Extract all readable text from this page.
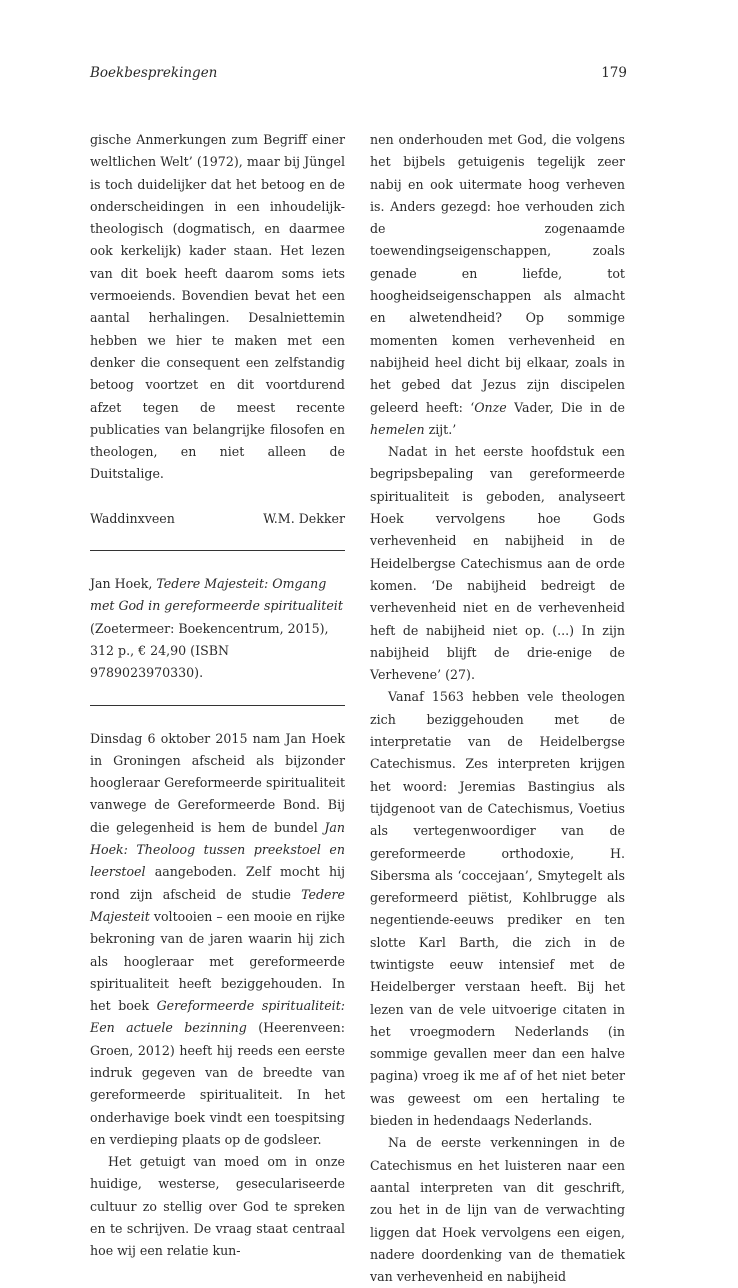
Boekbesprekingen	179

gische Anmerkungen zum Begriff einer weltlichen Welt’ (1972), maar bij Jüngel is toch duidelijker dat het betoog en de onderscheidingen in een inhoudelijk-theologisch (dogmatisch, en daarmee ook kerkelijk) kader staan. Het lezen van dit boek heeft daarom soms iets vermoeiends. Bovendien bevat het een aantal herhalingen. Desalniettemin hebben we hier te maken met een denker die consequent een zelfstandig betoog voortzet en dit voortdurend afzet tegen de meest recente publicaties van belangrijke filosofen en theologen, en niet alleen de Duitstalige.

Waddinxveen	W.M. Dekker

Jan Hoek, Tedere Majesteit: Omgang met God in gereformeerde spiritualiteit (Zoetermeer: Boekencentrum, 2015), 312 p., € 24,90 (ISBN 9789023970330).

Dinsdag 6 oktober 2015 nam Jan Hoek in Groningen afscheid als bijzonder hoogleraar Gereformeerde spiritualiteit vanwege de Gereformeerde Bond. Bij die gelegenheid is hem de bundel Jan Hoek: Theoloog tussen preekstoel en leerstoel aangeboden. Zelf mocht hij rond zijn afscheid de studie Tedere Majesteit voltooien – een mooie en rijke bekroning van de jaren waarin hij zich als hoogleraar met gereformeerde spiritualiteit heeft beziggehouden. In het boek Gereformeerde spiritualiteit: Een actuele bezinning (Heerenveen: Groen, 2012) heeft hij reeds een eerste indruk gegeven van de breedte van gereformeerde spiritualiteit. In het onderhavige boek vindt een toespitsing en verdieping plaats op de godsleer.

Het getuigt van moed om in onze huidige, westerse, geseculariseerde cultuur zo stellig over God te spreken en te schrijven. De vraag staat centraal hoe wij een relatie kun-

nen onderhouden met God, die volgens het bijbels getuigenis tegelijk zeer nabij en ook uitermate hoog verheven is. Anders gezegd: hoe verhouden zich de zogenaamde toewendingseigenschappen, zoals genade en liefde, tot hoogheidseigenschappen als almacht en alwetendheid? Op sommige momenten komen verhevenheid en nabijheid heel dicht bij elkaar, zoals in het gebed dat Jezus zijn discipelen geleerd heeft: ‘Onze Vader, Die in de hemelen zijt.’

Nadat in het eerste hoofdstuk een begripsbepaling van gereformeerde spiritualiteit is geboden, analyseert Hoek vervolgens hoe Gods verhevenheid en nabijheid in de Heidelbergse Catechismus aan de orde komen. ‘De nabijheid bedreigt de verhevenheid niet en de verhevenheid heft de nabijheid niet op. (...) In zijn nabijheid blijft de drie-enige de Verhevene’ (27).

Vanaf 1563 hebben vele theologen zich beziggehouden met de interpretatie van de Heidelbergse Catechismus. Zes interpreten krijgen het woord: Jeremias Bastingius als tijdgenoot van de Catechismus, Voetius als vertegenwoordiger van de gereformeerde orthodoxie, H. Sibersma als ‘coccejaan’, Smytegelt als gereformeerd piëtist, Kohlbrugge als negentiende-eeuws prediker en ten slotte Karl Barth, die zich in de twintigste eeuw intensief met de Heidelberger verstaan heeft. Bij het lezen van de vele uitvoerige citaten in het vroegmodern Nederlands (in sommige gevallen meer dan een halve pagina) vroeg ik me af of het niet beter was geweest om een hertaling te bieden in hedendaags Nederlands.

Na de eerste verkenningen in de Catechismus en het luisteren naar een aantal interpreten van dit geschrift, zou het in de lijn van de verwachting liggen dat Hoek vervolgens een eigen, nadere doordenking van de thematiek van verhevenheid en nabijheid
